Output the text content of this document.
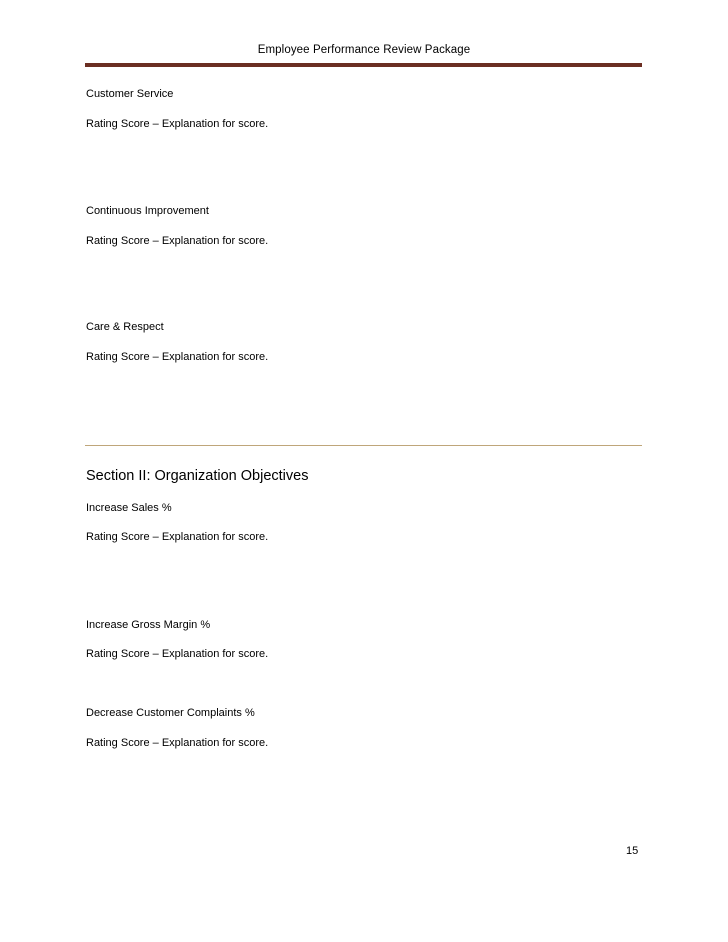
Employee Performance Review Package
Customer Service
Rating Score – Explanation for score.
Continuous Improvement
Rating Score – Explanation for score.
Care & Respect
Rating Score – Explanation for score.
Section II: Organization Objectives
Increase Sales %
Rating Score – Explanation for score.
Increase Gross Margin %
Rating Score – Explanation for score.
Decrease Customer Complaints %
Rating Score – Explanation for score.
15
